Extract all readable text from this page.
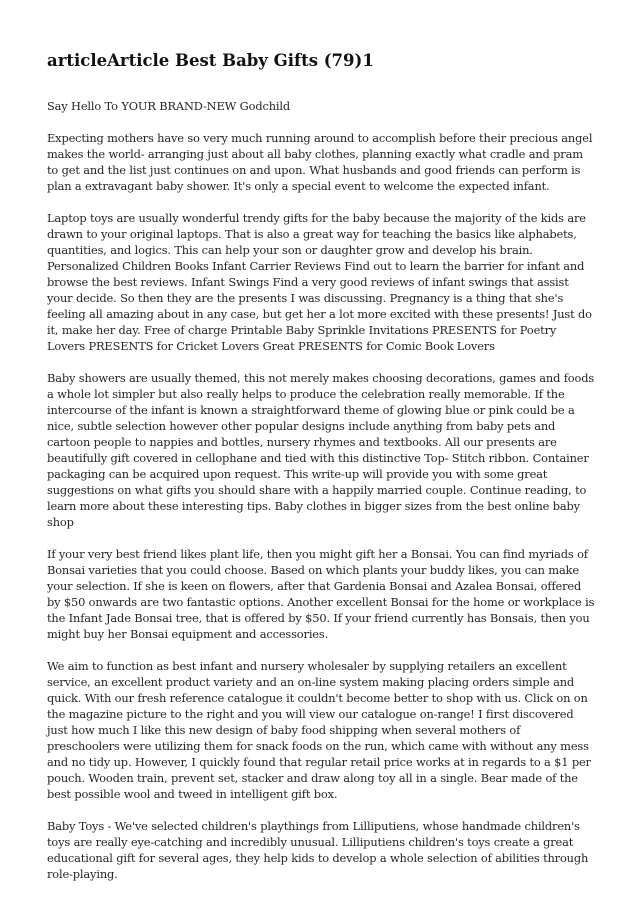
articleArticle Best Baby Gifts (79)1

Say Hello To YOUR BRAND-NEW Godchild

Expecting mothers have so very much running around to accomplish before their precious angel makes the world- arranging just about all baby clothes, planning exactly what cradle and pram to get and the list just continues on and upon. What husbands and good friends can perform is plan a extravagant baby shower. It's only a special event to welcome the expected infant.

Laptop toys are usually wonderful trendy gifts for the baby because the majority of the kids are drawn to your original laptops. That is also a great way for teaching the basics like alphabets, quantities, and logics. This can help your son or daughter grow and develop his brain. Personalized Children Books Infant Carrier Reviews Find out to learn the barrier for infant and browse the best reviews. Infant Swings Find a very good reviews of infant swings that assist your decide. So then they are the presents I was discussing. Pregnancy is a thing that she's feeling all amazing about in any case, but get her a lot more excited with these presents! Just do it, make her day. Free of charge Printable Baby Sprinkle Invitations PRESENTS for Poetry Lovers PRESENTS for Cricket Lovers Great PRESENTS for Comic Book Lovers

Baby showers are usually themed, this not merely makes choosing decorations, games and foods a whole lot simpler but also really helps to produce the celebration really memorable. If the intercourse of the infant is known a straightforward theme of glowing blue or pink could be a nice, subtle selection however other popular designs include anything from baby pets and cartoon people to nappies and bottles, nursery rhymes and textbooks. All our presents are beautifully gift covered in cellophane and tied with this distinctive Top- Stitch ribbon. Container packaging can be acquired upon request. This write-up will provide you with some great suggestions on what gifts you should share with a happily married couple. Continue reading, to learn more about these interesting tips. Baby clothes in bigger sizes from the best online baby shop

If your very best friend likes plant life, then you might gift her a Bonsai. You can find myriads of Bonsai varieties that you could choose. Based on which plants your buddy likes, you can make your selection. If she is keen on flowers, after that Gardenia Bonsai and Azalea Bonsai, offered by $50 onwards are two fantastic options. Another excellent Bonsai for the home or workplace is the Infant Jade Bonsai tree, that is offered by $50. If your friend currently has Bonsais, then you might buy her Bonsai equipment and accessories.

We aim to function as best infant and nursery wholesaler by supplying retailers an excellent service, an excellent product variety and an on-line system making placing orders simple and quick. With our fresh reference catalogue it couldn't become better to shop with us. Click on on the magazine picture to the right and you will view our catalogue on-range! I first discovered just how much I like this new design of baby food shipping when several mothers of preschoolers were utilizing them for snack foods on the run, which came with without any mess and no tidy up. However, I quickly found that regular retail price works at in regards to a $1 per pouch. Wooden train, prevent set, stacker and draw along toy all in a single. Bear made of the best possible wool and tweed in intelligent gift box.

Baby Toys - We've selected children's playthings from Lilliputiens, whose handmade children's toys are really eye-catching and incredibly unusual. Lilliputiens children's toys create a great educational gift for several ages, they help kids to develop a whole selection of abilities through role-playing.
